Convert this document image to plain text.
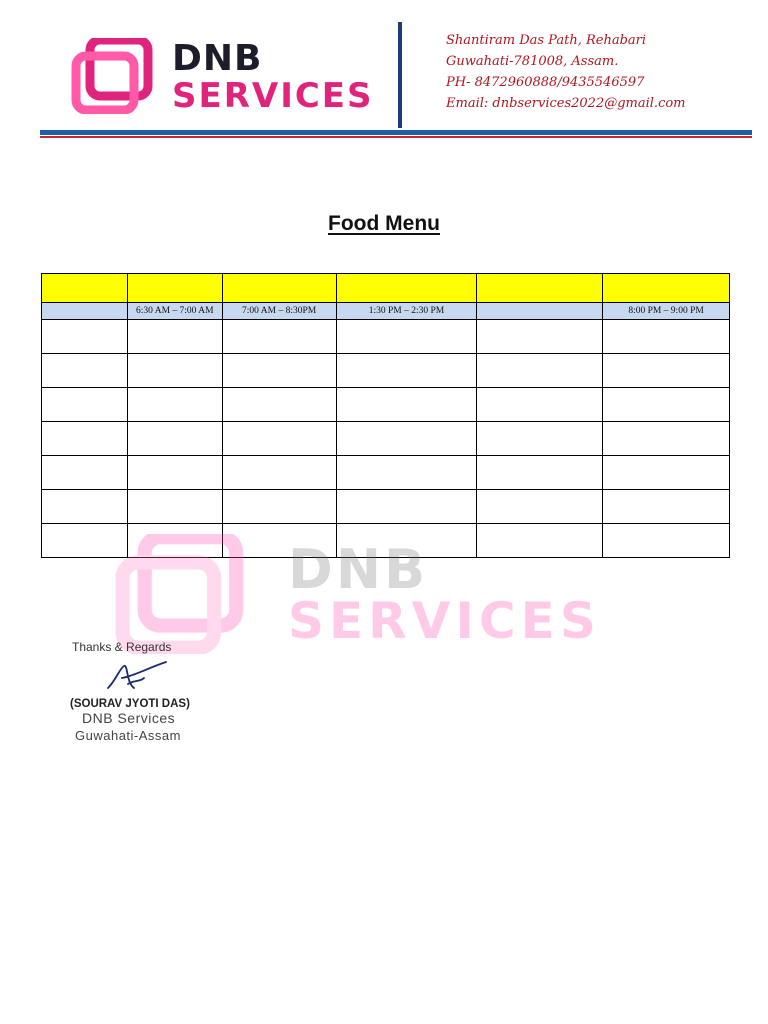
DNB
SERVICES
Shantiram Das Path, Rehabari
Guwahati-781008, Assam.
PH- 8472960888/9435546597
Email: dnbservices2022@gmail.com
Food Menu

	6:30 AM – 7:00 AM	7:00 AM – 8:30PM	1:30 PM – 2:30 PM		8:00 PM – 9:00 PM

DNB
SERVICES
Thanks & Regards
(SOURAV JYOTI DAS)
DNB Services
Guwahati-Assam
